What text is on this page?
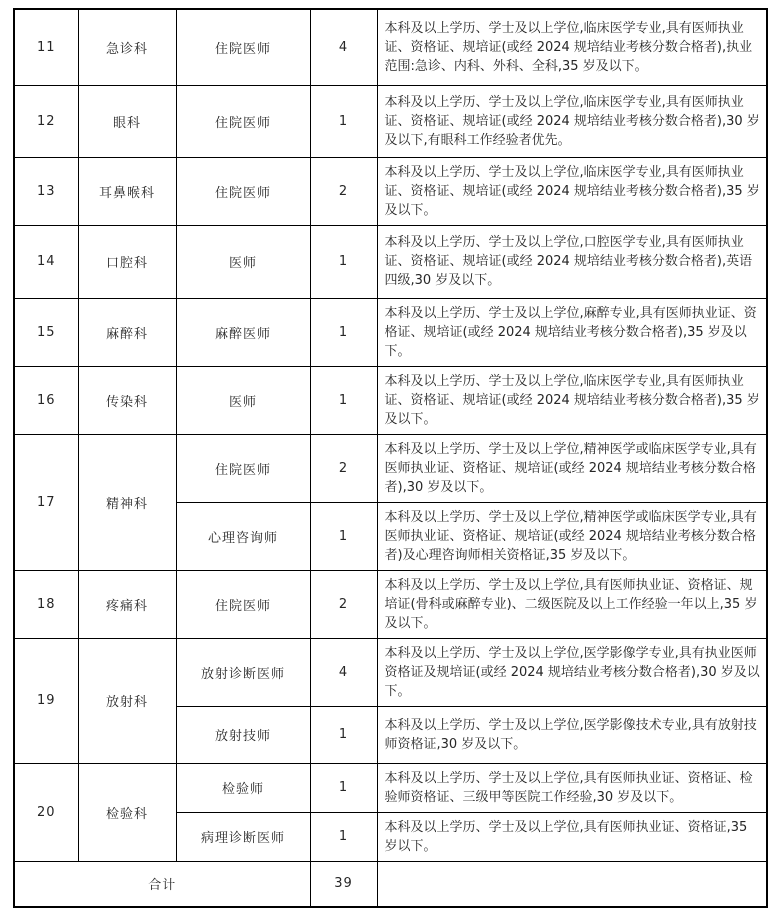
11	急诊科	住院医师	4	本科及以上学历、学士及以上学位,临床医学专业,具有医师执业证、资格证、规培证(或经 2024 规培结业考核分数合格者),执业范围:急诊、内科、外科、全科,35 岁及以下。
12	眼科	住院医师	1	本科及以上学历、学士及以上学位,临床医学专业,具有医师执业证、资格证、规培证(或经 2024 规培结业考核分数合格者),30 岁及以下,有眼科工作经验者优先。
13	耳鼻喉科	住院医师	2	本科及以上学历、学士及以上学位,临床医学专业,具有医师执业证、资格证、规培证(或经 2024 规培结业考核分数合格者),35 岁及以下。
14	口腔科	医师	1	本科及以上学历、学士及以上学位,口腔医学专业,具有医师执业证、资格证、规培证(或经 2024 规培结业考核分数合格者),英语四级,30 岁及以下。
15	麻醉科	麻醉医师	1	本科及以上学历、学士及以上学位,麻醉专业,具有医师执业证、资格证、规培证(或经 2024 规培结业考核分数合格者),35 岁及以下。
16	传染科	医师	1	本科及以上学历、学士及以上学位,临床医学专业,具有医师执业证、资格证、规培证(或经 2024 规培结业考核分数合格者),35 岁及以下。
17	精神科	住院医师	2	本科及以上学历、学士及以上学位,精神医学或临床医学专业,具有医师执业证、资格证、规培证(或经 2024 规培结业考核分数合格者),30 岁及以下。
		心理咨询师	1	本科及以上学历、学士及以上学位,精神医学或临床医学专业,具有医师执业证、资格证、规培证(或经 2024 规培结业考核分数合格者)及心理咨询师相关资格证,35 岁及以下。
18	疼痛科	住院医师	2	本科及以上学历、学士及以上学位,具有医师执业证、资格证、规培证(骨科或麻醉专业)、二级医院及以上工作经验一年以上,35 岁及以下。
19	放射科	放射诊断医师	4	本科及以上学历、学士及以上学位,医学影像学专业,具有执业医师资格证及规培证(或经 2024 规培结业考核分数合格者),30 岁及以下。
		放射技师	1	本科及以上学历、学士及以上学位,医学影像技术专业,具有放射技师资格证,30 岁及以下。
20	检验科	检验师	1	本科及以上学历、学士及以上学位,具有医师执业证、资格证、检验师资格证、三级甲等医院工作经验,30 岁及以下。
		病理诊断医师	1	本科及以上学历、学士及以上学位,具有医师执业证、资格证,35 岁以下。
合计			39	
